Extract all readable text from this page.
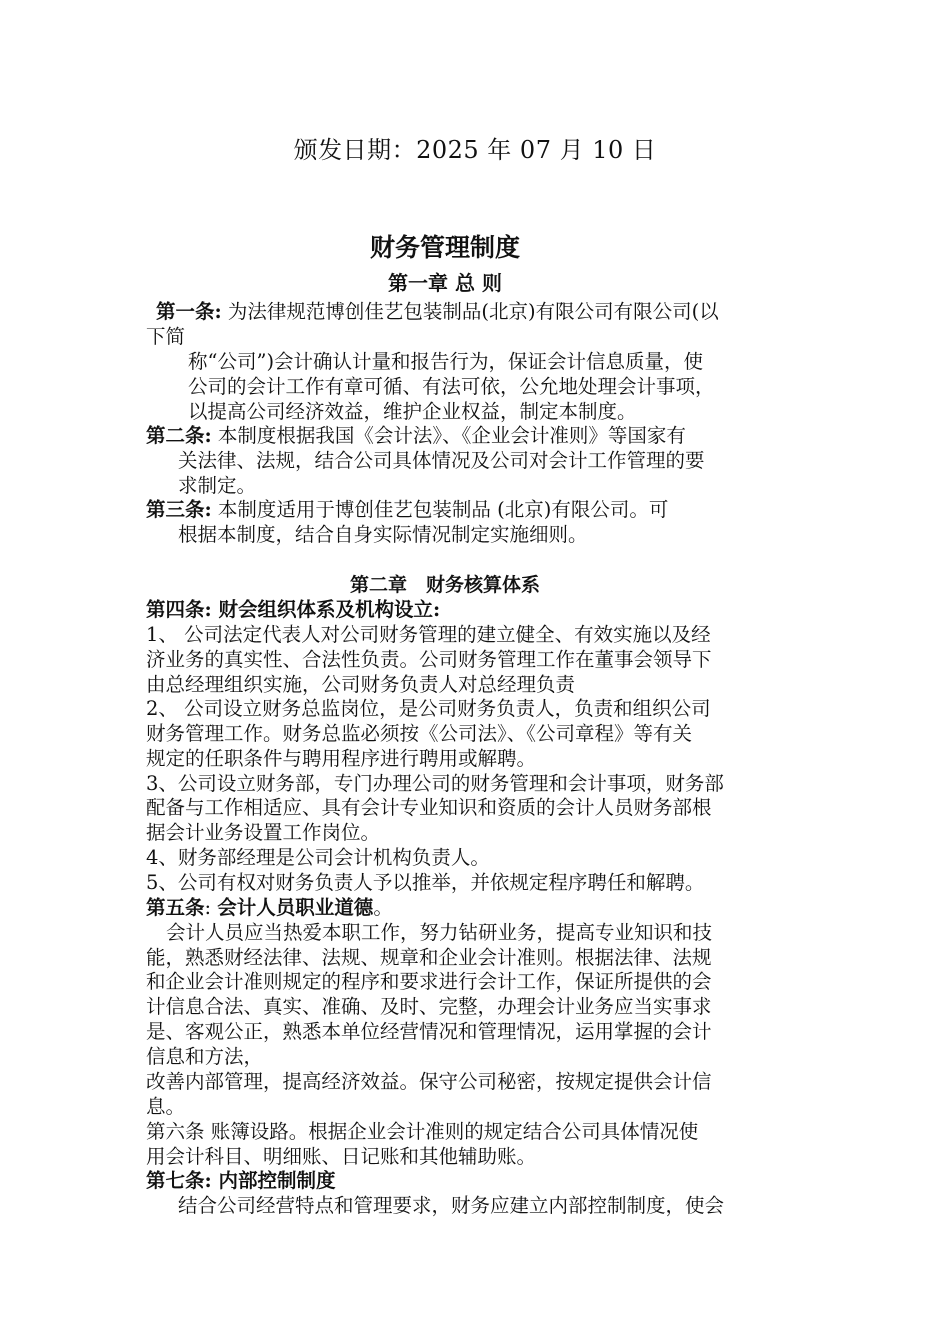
颁发日期：2025 年 07 月 10 日
财务管理制度
第一章 总 则
第一条: 为法律规范博创佳艺包装制品(北京)有限公司有限公司(以
下简
称“公司”)会计确认计量和报告行为，保证会计信息质量，使
公司的会计工作有章可循、有法可依，公允地处理会计事项，
以提高公司经济效益，维护企业权益，制定本制度。
第二条: 本制度根据我国《会计法》、《企业会计准则》等国家有
关法律、法规，结合公司具体情况及公司对会计工作管理的要
求制定。
第三条: 本制度适用于博创佳艺包装制品 (北京)有限公司。可
根据本制度，结合自身实际情况制定实施细则。
第二章　财务核算体系
第四条: 财会组织体系及机构设立:
1、 公司法定代表人对公司财务管理的建立健全、有效实施以及经
济业务的真实性、合法性负责。公司财务管理工作在董事会领导下
由总经理组织实施，公司财务负责人对总经理负责
2、 公司设立财务总监岗位，是公司财务负责人，负责和组织公司
财务管理工作。财务总监必须按《公司法》、《公司章程》等有关
规定的任职条件与聘用程序进行聘用或解聘。
3、公司设立财务部，专门办理公司的财务管理和会计事项，财务部
配备与工作相适应、具有会计专业知识和资质的会计人员财务部根
据会计业务设置工作岗位。
4、财务部经理是公司会计机构负责人。
5、公司有权对财务负责人予以推举，并依规定程序聘任和解聘。
第五条: 会计人员职业道德。
会计人员应当热爱本职工作，努力钻研业务，提高专业知识和技
能，熟悉财经法律、法规、规章和企业会计准则。根据法律、法规
和企业会计准则规定的程序和要求进行会计工作，保证所提供的会
计信息合法、真实、准确、及时、完整，办理会计业务应当实事求
是、客观公正，熟悉本单位经营情况和管理情况，运用掌握的会计
信息和方法，
改善内部管理，提高经济效益。保守公司秘密，按规定提供会计信
息。
第六条 账簿设路。根据企业会计准则的规定结合公司具体情况使
用会计科目、明细账、日记账和其他辅助账。
第七条: 内部控制制度
结合公司经营特点和管理要求，财务应建立内部控制制度，使会
